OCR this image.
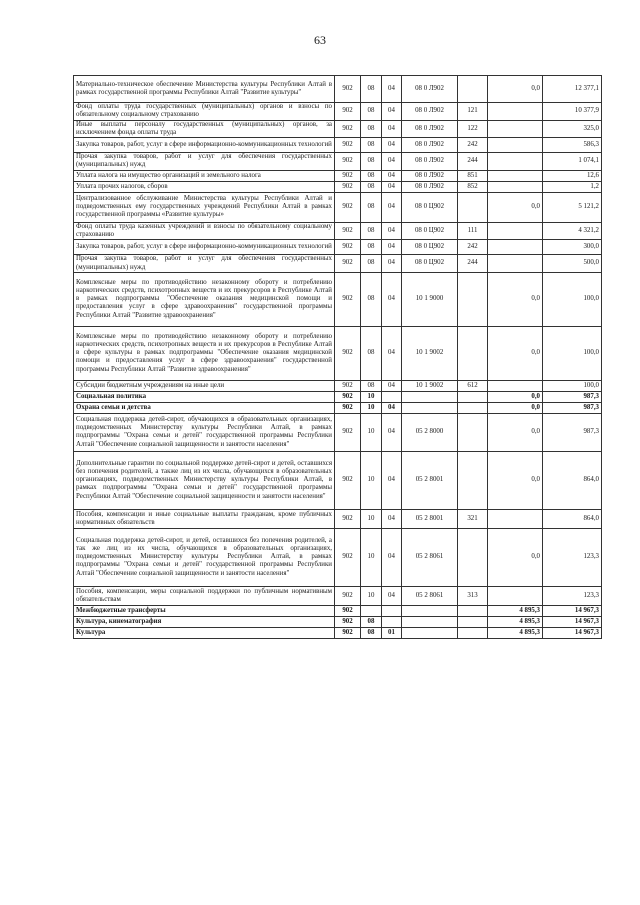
63
Материально-техническое обеспечение Министерства культуры Республики Алтай в рамках государственной программы Республики Алтай "Развитие культуры"	902	08	04	08 0 Л902		0,0	12 377,1
Фонд оплаты труда государственных (муниципальных) органов и взносы по обязательному социальному страхованию	902	08	04	08 0 Л902	121		10 377,9
Иные выплаты персоналу государственных (муниципальных) органов, за исключением фонда оплаты труда	902	08	04	08 0 Л902	122		325,0
Закупка товаров, работ, услуг в сфере информационно-коммуникационных технологий	902	08	04	08 0 Л902	242		586,3
Прочая закупка товаров, работ и услуг для обеспечения государственных (муниципальных) нужд	902	08	04	08 0 Л902	244		1 074,1
Уплата налога на имущество организаций и земельного налога	902	08	04	08 0 Л902	851		12,6
Уплата прочих налогов, сборов	902	08	04	08 0 Л902	852		1,2
Централизованное обслуживание Министерства культуры Республики Алтай и подведомственных ему государственных учреждений Республики Алтай в рамках государственной программы «Развитие культуры»	902	08	04	08 0 Ц902		0,0	5 121,2
Фонд оплаты труда казенных учреждений и взносы по обязательному социальному страхованию	902	08	04	08 0 Ц902	111		4 321,2
Закупка товаров, работ, услуг в сфере информационно-коммуникационных технологий	902	08	04	08 0 Ц902	242		300,0
Прочая закупка товаров, работ и услуг для обеспечения государственных (муниципальных) нужд	902	08	04	08 0 Ц902	244		500,0
Комплексные меры по противодействию незаконному обороту и потреблению наркотических средств, психотропных веществ и их прекурсоров в Республике Алтай в рамках подпрограммы "Обеспечение оказания медицинской помощи и предоставления услуг в сфере здравоохранения" государственной программы Республики Алтай "Развитие здравоохранения"	902	08	04	10 1 9000		0,0	100,0
Комплексные меры по противодействию незаконному обороту и потреблению наркотических средств, психотропных веществ и их прекурсоров в Республике Алтай в сфере культуры в рамках подпрограммы "Обеспечение оказания медицинской помощи и предоставления услуг в сфере здравоохранения" государственной программы Республики Алтай "Развитие здравоохранения"	902	08	04	10 1 9002		0,0	100,0
Субсидии бюджетным учреждениям на иные цели	902	08	04	10 1 9002	612		100,0
Социальная политика	902	10				0,0	987,3
Охрана семьи и детства	902	10	04			0,0	987,3
Социальная поддержка детей-сирот, обучающихся в образовательных организациях, подведомственных Министерству культуры Республики Алтай, в рамках подпрограммы "Охрана семьи и детей" государственной программы Республики Алтай "Обеспечение социальной защищенности и занятости населения"	902	10	04	05 2 8000		0,0	987,3
Дополнительные гарантии по социальной поддержке детей-сирот и детей, оставшихся без попечения родителей, а также лиц из их числа, обучающихся в образовательных организациях, подведомственных Министерству культуры Республики Алтай, в рамках подпрограммы "Охрана семьи и детей" государственной программы Республики Алтай "Обеспечение социальной защищенности и занятости населения"	902	10	04	05 2 8001		0,0	864,0
Пособия, компенсации и иные социальные выплаты гражданам, кроме публичных нормативных обязательств	902	10	04	05 2 8001	321		864,0
Социальная поддержка детей-сирот, и детей, оставшихся без попечения родителей, а так же лиц из их числа, обучающихся в образовательных организациях, подведомственных Министерству культуры Республики Алтай, в рамках подпрограммы "Охрана семьи и детей" государственной программы Республики Алтай "Обеспечение социальной защищенности и занятости населения"	902	10	04	05 2 8061		0,0	123,3
Пособия, компенсации, меры социальной поддержки по публичным нормативным обязательствам	902	10	04	05 2 8061	313		123,3
Межбюджетные трансферты	902					4 895,3	14 967,3
Культура, кинематография	902	08				4 895,3	14 967,3
Культура	902	08	01			4 895,3	14 967,3
